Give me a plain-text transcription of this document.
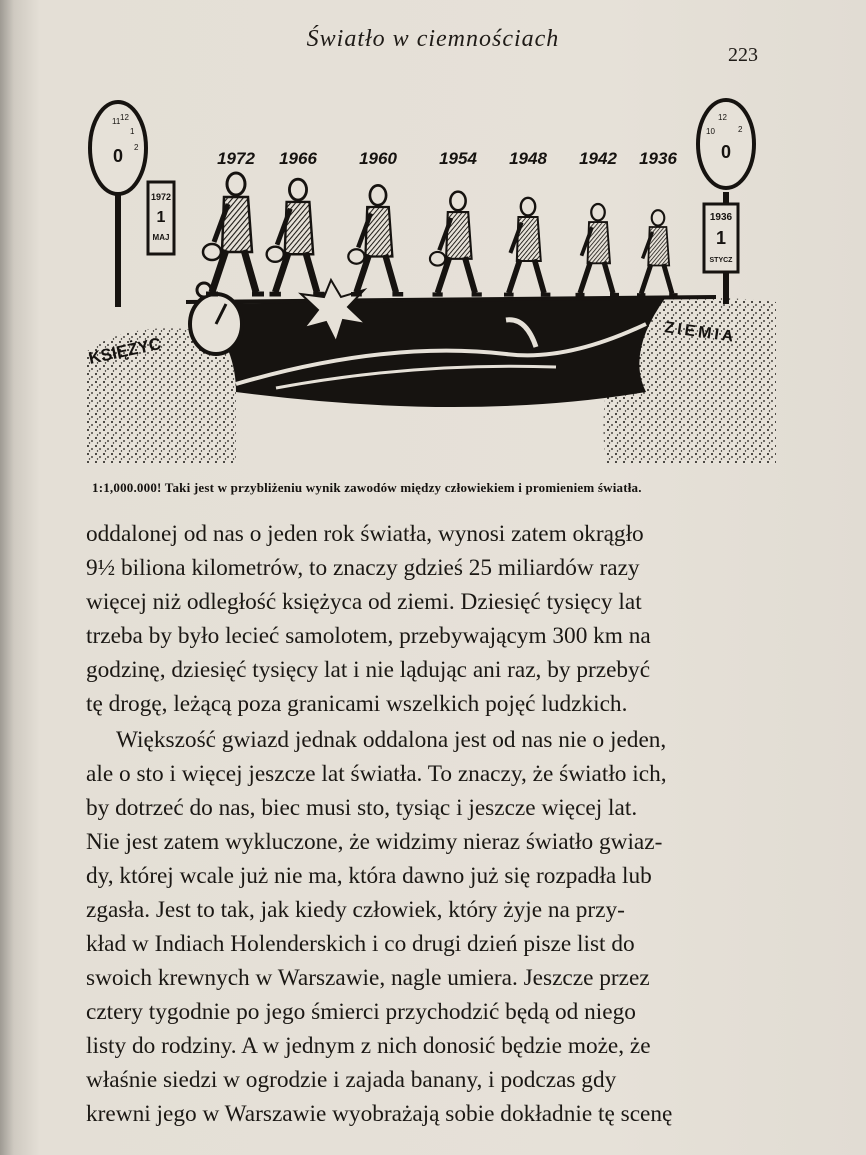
Światło w ciemnościach
223
0
11 12
1
2
1972
1
MAJ
0
12
10	2
1936
1
STYCZ
1972 1966 1960 1954 1948 1942 1936
KSIĘŻYC
ZIEMIA
1:1,000.000! Taki jest w przybliżeniu wynik zawodów między człowiekiem i promieniem światła.
oddalonej od nas o jeden rok światła, wynosi zatem okrągło
9½ biliona kilometrów, to znaczy gdzieś 25 miliardów razy
więcej niż odległość księżyca od ziemi. Dziesięć tysięcy lat
trzeba by było lecieć samolotem, przebywającym 300 km na
godzinę, dziesięć tysięcy lat i nie lądując ani raz, by przebyć
tę drogę, leżącą poza granicami wszelkich pojęć ludzkich.
Większość gwiazd jednak oddalona jest od nas nie o jeden,
ale o sto i więcej jeszcze lat światła. To znaczy, że światło ich,
by dotrzeć do nas, biec musi sto, tysiąc i jeszcze więcej lat.
Nie jest zatem wykluczone, że widzimy nieraz światło gwiaz-
dy, której wcale już nie ma, która dawno już się rozpadła lub
zgasła. Jest to tak, jak kiedy człowiek, który żyje na przy-
kład w Indiach Holenderskich i co drugi dzień pisze list do
swoich krewnych w Warszawie, nagle umiera. Jeszcze przez
cztery tygodnie po jego śmierci przychodzić będą od niego
listy do rodziny. A w jednym z nich donosić będzie może, że
właśnie siedzi w ogrodzie i zajada banany, i podczas gdy
krewni jego w Warszawie wyobrażają sobie dokładnie tę scenę
